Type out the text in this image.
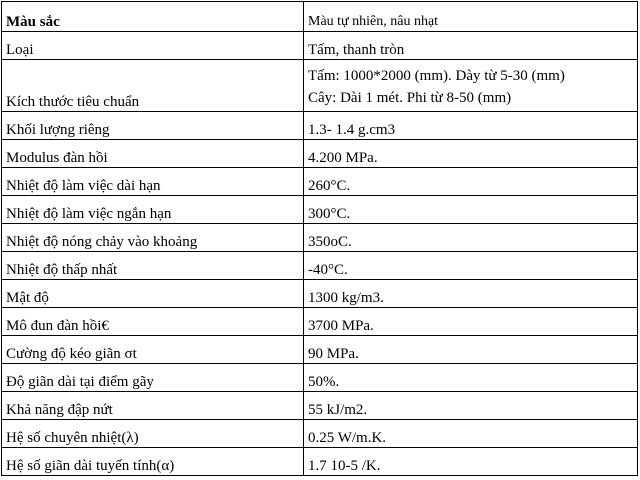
Màu sắc	Màu tự nhiên, nâu nhạt
Loại	Tấm, thanh tròn
Kích thước tiêu chuẩn	Tấm: 1000*2000 (mm). Dày từ 5-30 (mm)
Cây: Dài 1 mét. Phi từ 8-50 (mm)

Khối lượng riêng	1.3- 1.4 g.cm3
Modulus đàn hồi	4.200 MPa.
Nhiệt độ làm việc dài hạn	260°C.
Nhiệt độ làm việc ngắn hạn	300°C.
Nhiệt độ nóng chảy vào khoảng	350oC.
Nhiệt độ thấp nhất	-40°C.
Mật độ	1300 kg/m3.
Mô đun đàn hồi€	3700 MPa.
Cường độ kéo giãn σt	90 MPa.
Độ giãn dài tại điểm gãy	50%.
Khả năng đập nứt	55 kJ/m2.
Hệ số chuyên nhiệt(λ)	0.25 W/m.K.
Hệ số giãn dài tuyến tính(α)	1.7 10-5 /K.
